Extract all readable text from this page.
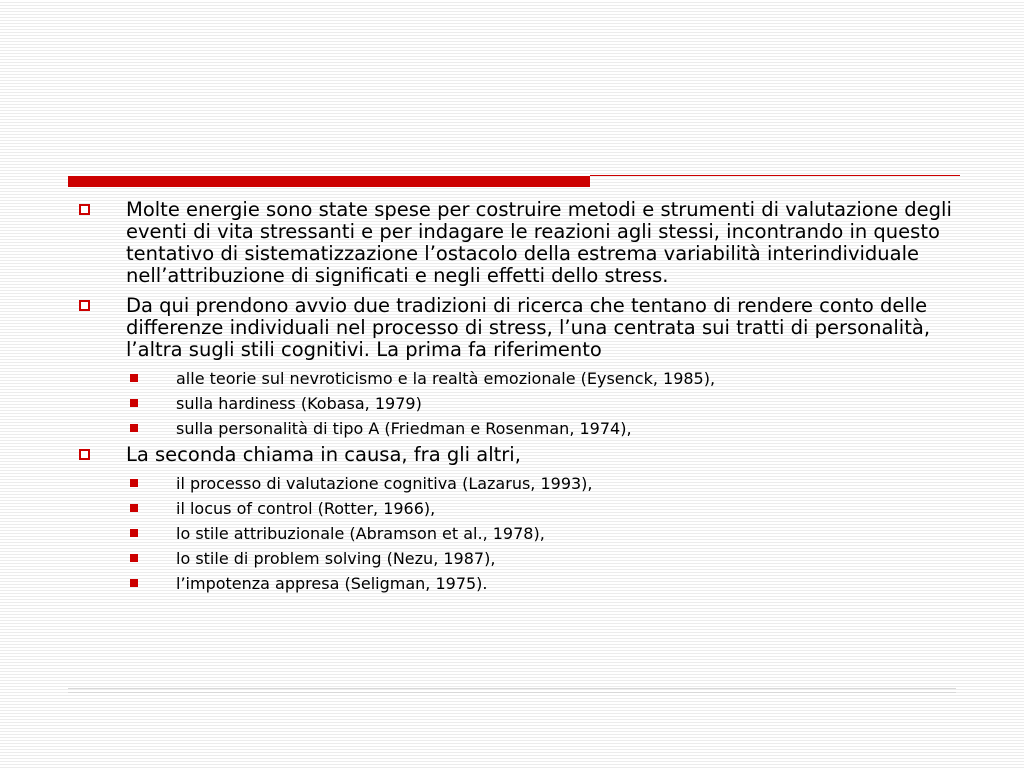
Molte energie sono state spese per costruire metodi e strumenti di valutazione degli eventi di vita stressanti e per indagare le reazioni agli stessi, incontrando in questo tentativo di sistematizzazione l’ostacolo della estrema variabilità interindividuale nell’attribuzione di significati e negli effetti dello stress.
Da qui prendono avvio due tradizioni di ricerca che tentano di rendere conto delle differenze individuali nel processo di stress, l’una centrata sui tratti di personalità, l’altra sugli stili cognitivi. La prima fa riferimento
alle teorie sul nevroticismo e la realtà emozionale (Eysenck, 1985),
sulla hardiness (Kobasa, 1979)
sulla personalità di tipo A (Friedman e Rosenman, 1974),
La seconda chiama in causa, fra gli altri,
il processo di valutazione cognitiva (Lazarus, 1993),
il locus of control (Rotter, 1966),
lo stile attribuzionale (Abramson et al., 1978),
lo stile di problem solving (Nezu, 1987),
l’impotenza appresa (Seligman, 1975).
